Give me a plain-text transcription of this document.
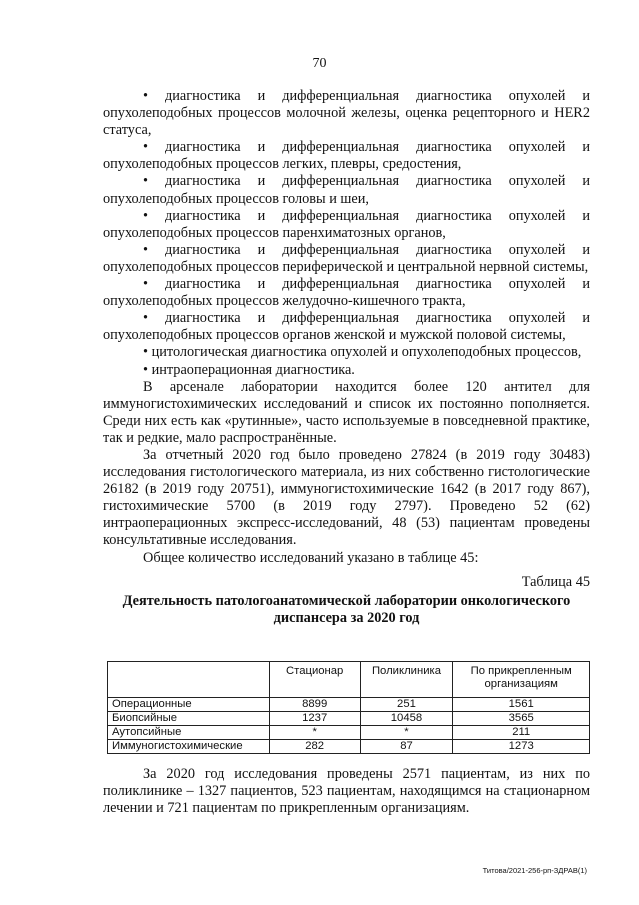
70

• диагностика и дифференциальная диагностика опухолей и опухолеподобных процессов молочной железы, оценка рецепторного и HER2 статуса,

• диагностика и дифференциальная диагностика опухолей и опухолеподобных процессов легких, плевры, средостения,

• диагностика и дифференциальная диагностика опухолей и опухолеподобных процессов головы и шеи,

• диагностика и дифференциальная диагностика опухолей и опухолеподобных процессов паренхиматозных органов,

• диагностика и дифференциальная диагностика опухолей и опухолеподобных процессов периферической и центральной нервной системы,

• диагностика и дифференциальная диагностика опухолей и опухолеподобных процессов желудочно-кишечного тракта,

• диагностика и дифференциальная диагностика опухолей и опухолеподобных процессов органов женской и мужской половой системы,

• цитологическая диагностика опухолей и опухолеподобных процессов,

• интраоперационная диагностика.

В арсенале лаборатории находится более 120 антител для иммуногистохимических исследований и список их постоянно пополняется. Среди них есть как «рутинные», часто используемые в повседневной практике, так и редкие, мало распространённые.

За отчетный 2020 год было проведено 27824 (в 2019 году 30483) исследования гистологического материала, из них собственно гистологические 26182 (в 2019 году 20751), иммуногистохимические 1642 (в 2017 году 867), гистохимические 5700 (в 2019 году 2797). Проведено 52 (62) интраоперационных экспресс-исследований, 48 (53) пациентам проведены консультативные исследования.

Общее количество исследований указано в таблице 45:

Таблица 45

Деятельность патологоанатомической лаборатории онкологического диспансера за 2020 год

	Стационар	Поликлиника	По прикрепленным организациям
Операционные	8899	251	1561
Биопсийные	1237	10458	3565
Аутопсийные	*	*	211
Иммуногистохимические	282	87	1273

За 2020 год исследования проведены 2571 пациентам, из них по поликлинике – 1327 пациентов, 523 пациентам, находящимся на стационарном лечении и 721 пациентам по прикрепленным организациям.

Титова/2021-256-рп-ЗДРАВ(1)
